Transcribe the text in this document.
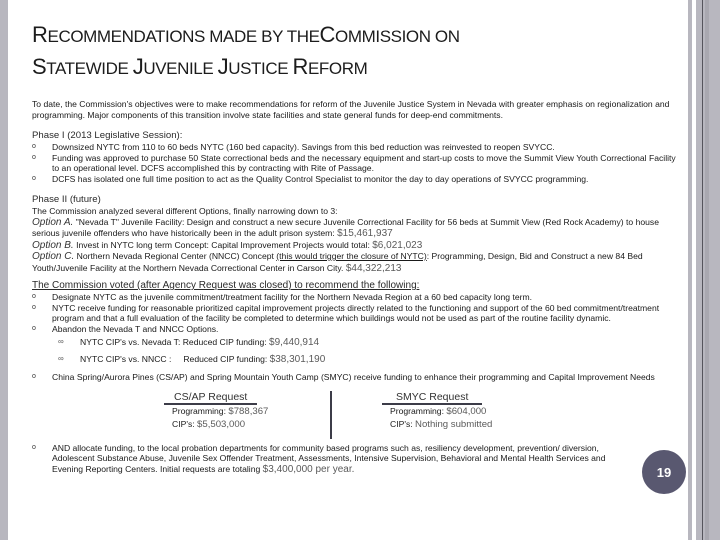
RECOMMENDATIONS MADE BY THECOMMISSION ON
STATEWIDE JUVENILE JUSTICE REFORM

To date, the Commission's objectives were to make recommendations for reform of the Juvenile Justice System in Nevada with greater emphasis on regionalization and programming. Major components of this transition involve state facilities and state general funds for deep-end commitments.

Phase I (2013 Legislative Session):

o Downsized NYTC from 110 to 60 beds NYTC (160 bed capacity). Savings from this bed reduction was reinvested to reopen SVYCC.
o Funding was approved to purchase 50 State correctional beds and the necessary equipment and start-up costs to move the Summit View Youth Correctional Facility to an operational level. DCFS accomplished this by contracting with Rite of Passage.
o DCFS has isolated one full time position to act as the Quality Control Specialist to monitor the day to day operations of SVYCC programming.

Phase II (future)

The Commission analyzed several different Options, finally narrowing down to 3:

Option A. "Nevada T" Juvenile Facility: Design and construct a new secure Juvenile Correctional Facility for 56 beds at Summit View (Red Rock Academy) to house serious juvenile offenders who have historically been in the adult prison system: $15,461,937

Option B. Invest in NYTC long term Concept: Capital Improvement Projects would total: $6,021,023

Option C. Northern Nevada Regional Center (NNCC) Concept (this would trigger the closure of NYTC): Programming, Design, Bid and Construct a new 84 Bed Youth/Juvenile Facility at the Northern Nevada Correctional Center in Carson City. $44,322,213

The Commission voted (after Agency Request was closed) to recommend the following:

o Designate NYTC as the juvenile commitment/treatment facility for the Northern Nevada Region at a 60 bed capacity long term.
o NYTC receive funding for reasonable prioritized capital improvement projects directly related to the functioning and support of the 60 bed commitment/treatment program and that a full evaluation of the facility be completed to determine which buildings would not be used as part of the routine facility dynamic.
o Abandon the Nevada T and NNCC Options.
∞ NYTC CIP's vs. Nevada T: Reduced CIP funding: $9,440,914
∞ NYTC CIP's vs. NNCC :     Reduced CIP funding: $38,301,190
o China Spring/Aurora Pines (CS/AP) and Spring Mountain Youth Camp (SMYC) receive funding to enhance their programming and Capital Improvement Needs
CS/AP Request
Programming: $788,367
CIP's: $5,503,000
SMYC Request
Programming: $604,000
CIP's: Nothing submitted
o AND allocate funding, to the local probation departments for community based programs such as, resiliency development, prevention/ diversion, Adolescent Substance Abuse, Juvenile Sex Offender Treatment, Assessments, Intensive Supervision, Behavioral and Mental Health Services and Evening Reporting Centers. Initial requests are totaling $3,400,000 per year.	19
